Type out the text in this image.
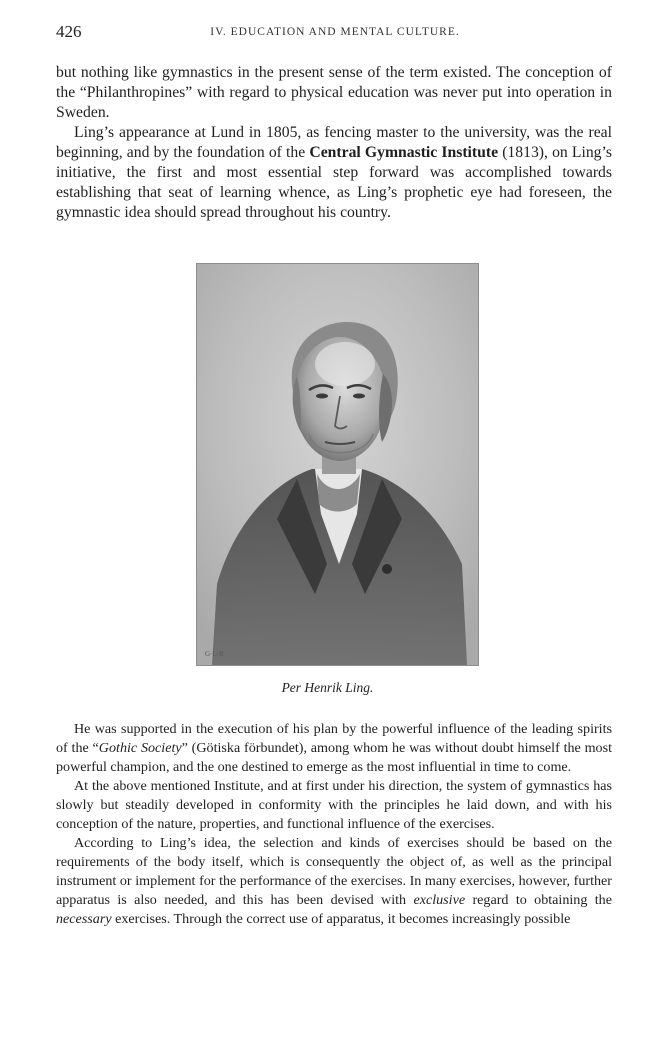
426	IV. EDUCATION AND MENTAL CULTURE.

but nothing like gymnastics in the present sense of the term existed. The conception of the “Philanthropines” with regard to physical education was never put into operation in Sweden.

Ling’s appearance at Lund in 1805, as fencing master to the university, was the real beginning, and by the foundation of the Central Gymnastic Institute (1813), on Ling’s initiative, the first and most essential step forward was accomplished towards establishing that seat of learning whence, as Ling’s prophetic eye had foreseen, the gymnastic idea should spread throughout his country.

G·L·R
Per Henrik Ling.

He was supported in the execution of his plan by the powerful influence of the leading spirits of the “Gothic Society” (Götiska förbundet), among whom he was without doubt himself the most powerful champion, and the one destined to emerge as the most influential in time to come.

At the above mentioned Institute, and at first under his direction, the system of gymnastics has slowly but steadily developed in conformity with the principles he laid down, and with his conception of the nature, properties, and functional influence of the exercises.

According to Ling’s idea, the selection and kinds of exercises should be based on the requirements of the body itself, which is consequently the object of, as well as the principal instrument or implement for the performance of the exercises. In many exercises, however, further apparatus is also needed, and this has been devised with exclusive regard to obtaining the necessary exercises. Through the correct use of apparatus, it becomes increasingly possible
